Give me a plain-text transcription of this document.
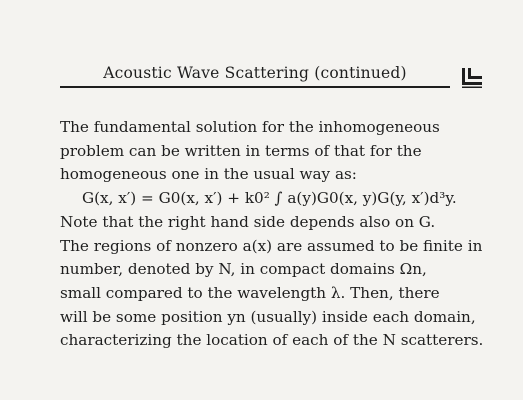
Acoustic Wave Scattering (continued)
The fundamental solution for the inhomogeneous
problem can be written in terms of that for the
homogeneous one in the usual way as:
G(x, x′) = G0(x, x′) + k0² ∫ a(y)G0(x, y)G(y, x′)d³y.
Note that the right hand side depends also on G.
The regions of nonzero a(x) are assumed to be finite in
number, denoted by N, in compact domains Ωn,
small compared to the wavelength λ. Then, there
will be some position yn (usually) inside each domain,
characterizing the location of each of the N scatterers.
